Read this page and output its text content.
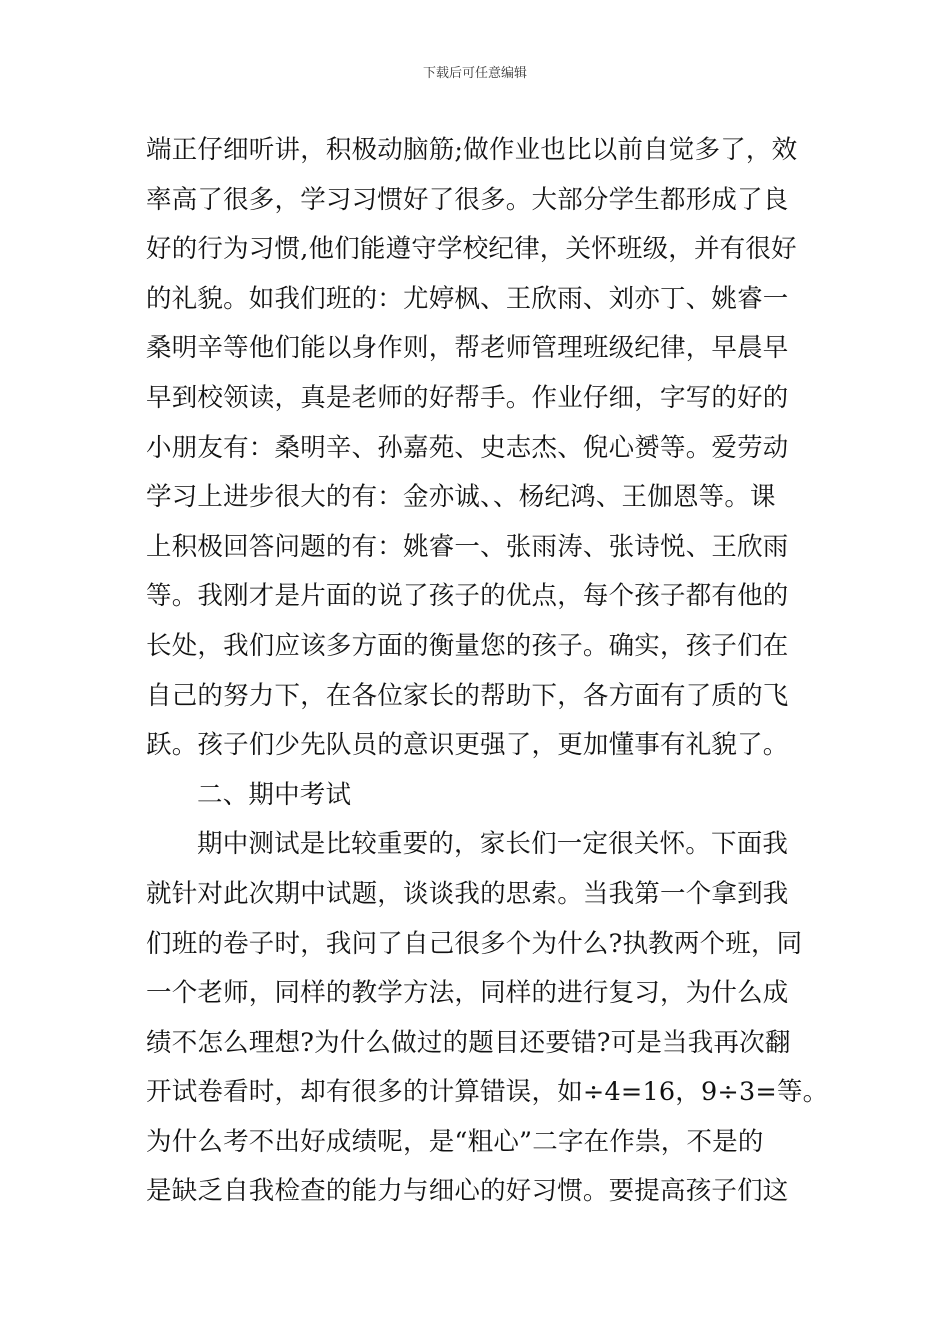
下载后可任意编辑
端正仔细听讲，积极动脑筋;做作业也比以前自觉多了，效
率高了很多，学习习惯好了很多。大部分学生都形成了良
好的行为习惯,他们能遵守学校纪律，关怀班级，并有很好
的礼貌。如我们班的：尤婷枫、王欣雨、刘亦丁、姚睿一
桑明辛等他们能以身作则，帮老师管理班级纪律，早晨早
早到校领读，真是老师的好帮手。作业仔细，字写的好的
小朋友有：桑明辛、孙嘉苑、史志杰、倪心赟等。爱劳动
学习上进步很大的有：金亦诚、、杨纪鸿、王伽恩等。课
上积极回答问题的有：姚睿一、张雨涛、张诗悦、王欣雨
等。我刚才是片面的说了孩子的优点，每个孩子都有他的
长处，我们应该多方面的衡量您的孩子。确实，孩子们在
自己的努力下，在各位家长的帮助下，各方面有了质的飞
跃。孩子们少先队员的意识更强了，更加懂事有礼貌了。
二、期中考试
期中测试是比较重要的，家长们一定很关怀。下面我
就针对此次期中试题，谈谈我的思索。当我第一个拿到我
们班的卷子时，我问了自己很多个为什么?执教两个班，同
一个老师，同样的教学方法，同样的进行复习，为什么成
绩不怎么理想?为什么做过的题目还要错?可是当我再次翻
开试卷看时，却有很多的计算错误，如÷4=16，9÷3=等。
为什么考不出好成绩呢，是“粗心”二字在作祟，不是的
是缺乏自我检查的能力与细心的好习惯。要提高孩子们这
